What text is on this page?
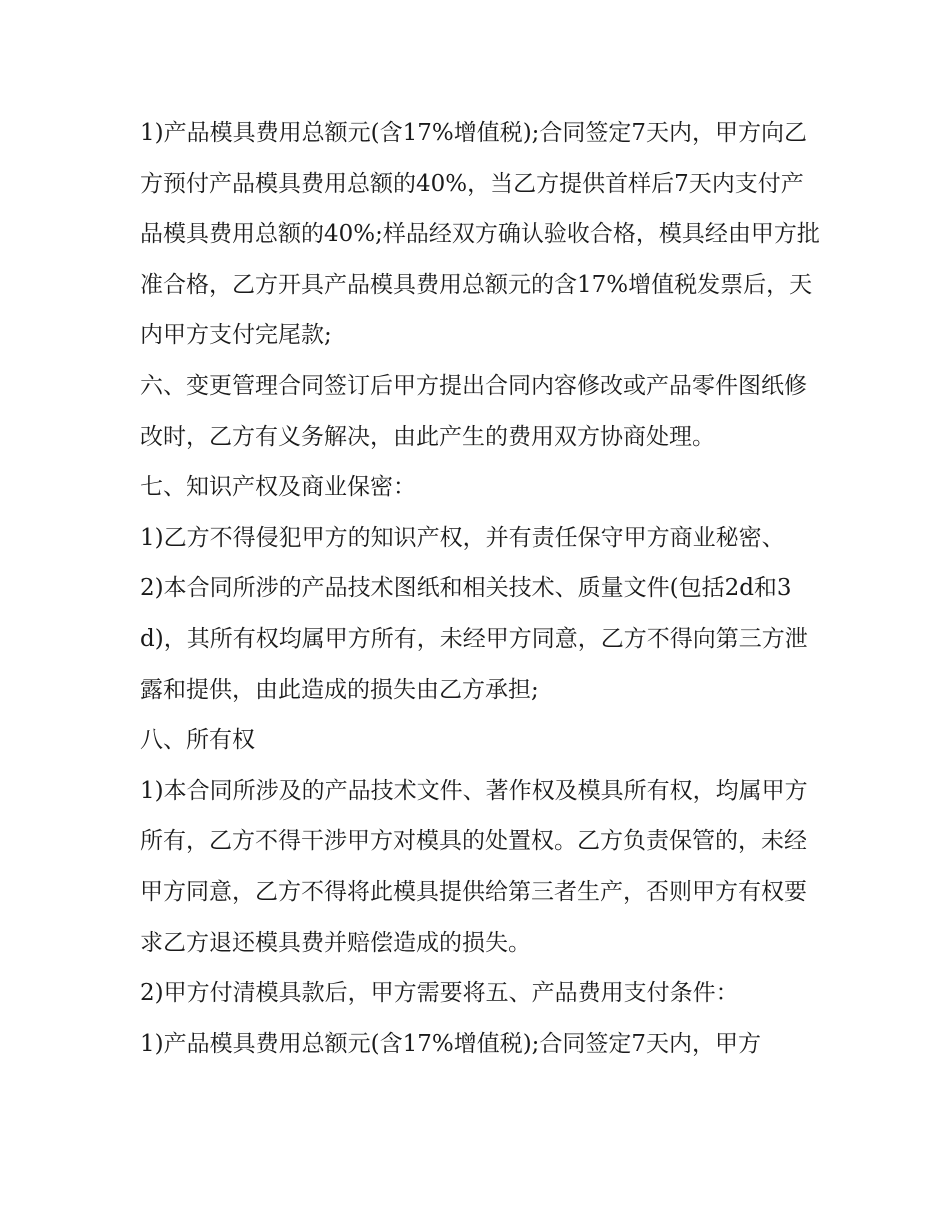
1)产品模具费用总额元(含17%增值税);合同签定7天内，甲方向乙方预付产品模具费用总额的40%，当乙方提供首样后7天内支付产品模具费用总额的40%;样品经双方确认验收合格，模具经由甲方批准合格，乙方开具产品模具费用总额元的含17%增值税发票后，天内甲方支付完尾款;

六、变更管理合同签订后甲方提出合同内容修改或产品零件图纸修改时，乙方有义务解决，由此产生的费用双方协商处理。

七、知识产权及商业保密：

1)乙方不得侵犯甲方的知识产权，并有责任保守甲方商业秘密、

2)本合同所涉的产品技术图纸和相关技术、质量文件(包括2d和3d)，其所有权均属甲方所有，未经甲方同意，乙方不得向第三方泄露和提供，由此造成的损失由乙方承担;

八、所有权

1)本合同所涉及的产品技术文件、著作权及模具所有权，均属甲方所有，乙方不得干涉甲方对模具的处置权。乙方负责保管的，未经甲方同意，乙方不得将此模具提供给第三者生产，否则甲方有权要求乙方退还模具费并赔偿造成的损失。

2)甲方付清模具款后，甲方需要将五、产品费用支付条件：

1)产品模具费用总额元(含17%增值税);合同签定7天内，甲方
